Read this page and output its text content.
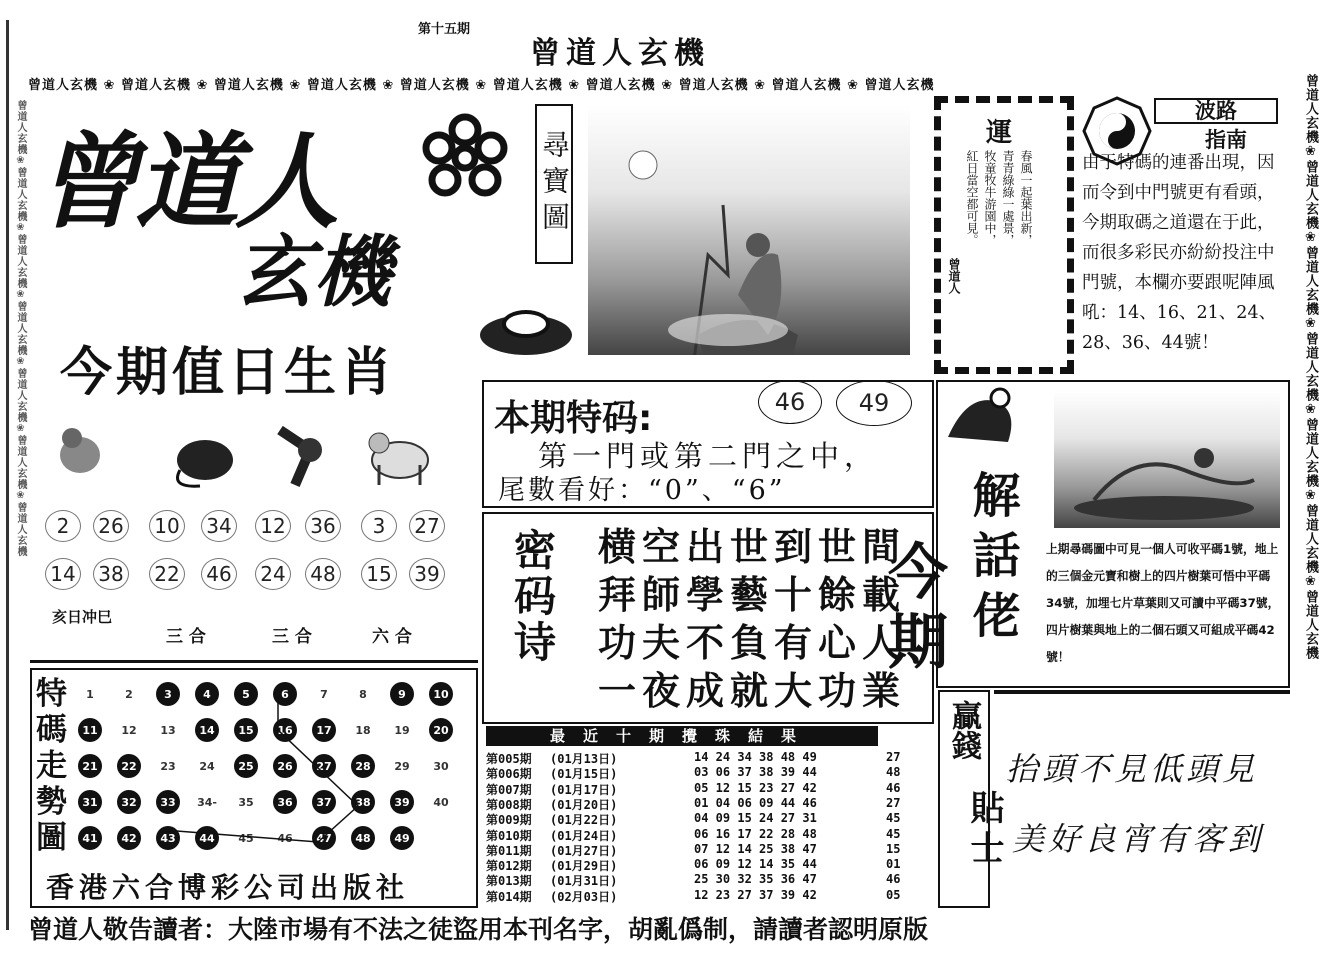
第十五期
曾道人玄機
曾道人玄機 ❀ 曾道人玄機 ❀ 曾道人玄機 ❀ 曾道人玄機 ❀ 曾道人玄機 ❀ 曾道人玄機 ❀ 曾道人玄機 ❀ 曾道人玄機 ❀ 曾道人玄機 ❀ 曾道人玄機	曾道人玄機❀曾道人玄機❀曾道人玄機❀曾道人玄機❀曾道人玄機❀曾道人玄機❀曾道人玄機
曾道人玄機❀曾道人玄機❀曾道人玄機❀曾道人玄機❀曾道人玄機❀曾道人玄機❀曾道人玄機 曾道人
玄機
尋寶圖	運
春風一起葉出新，
青青綠綠一處景，
牧童牧牛游園中，
紅日當空都可見。
曾道人
波路
指南
由于特碼的連番出現，因而令到中門號更有看頭，今期取碼之道還在于此，而很多彩民亦紛紛投注中門號，本欄亦要跟呢陣風吼：14、16、21、24、28、36、44號！
今期值日生肖
2	26 10 34 12 36	3	27
14 38 22 46 24 48 15 39
亥日冲巳
三 合	三 合	六 合
本期特码:	46	49
第一門或第二門之中，
尾數看好：“0”、“6”
密码诗 横空出世到世間
拜師學藝十餘載
功夫不負有心人
一夜成就大功業
今期 解話佬	上期尋碼圖中可見一個人可收平碼1號，地上的三個金元寶和樹上的四片樹葉可悟中平碼34號，加埋七片草葉則又可讀中平碼37號，四片樹葉與地上的二個石頭又可組成平碼42號！
特碼走勢圖
1	2	3	4	5	6	7	8	9	10
11	12	13	14	15	16	17	18	19	20
21	22	23	24	25	26	27	28	29	30
31	32	33	34-	35	36	37	38	39	40
41	42	43	44	45	46	47	48	49
香港六合博彩公司出版社
最近十期攪珠結果
第005期 (01月13日)	14 24 34 38 48 49	27
第006期 (01月15日)	03 06 37 38 39 44	48
第007期 (01月17日)	05 12 15 23 27 42	46
第008期 (01月20日)	01 04 06 09 44 46	27
第009期 (01月22日)	04 09 15 24 27 31	45
第010期 (01月24日)	06 16 17 22 28 48	45
第011期 (01月27日)	07 12 14 25 38 47	15
第012期 (01月29日)	06 09 12 14 35 44	01
第013期 (01月31日)	25 30 32 35 36 47	46
第014期 (02月03日)	12 23 27 37 39 42	05
贏錢
貼士
抬頭不見低頭見
美好良宵有客到
曾道人敬告讀者：大陸市場有不法之徒盜用本刊名字，胡亂僞制，請讀者認明原版
